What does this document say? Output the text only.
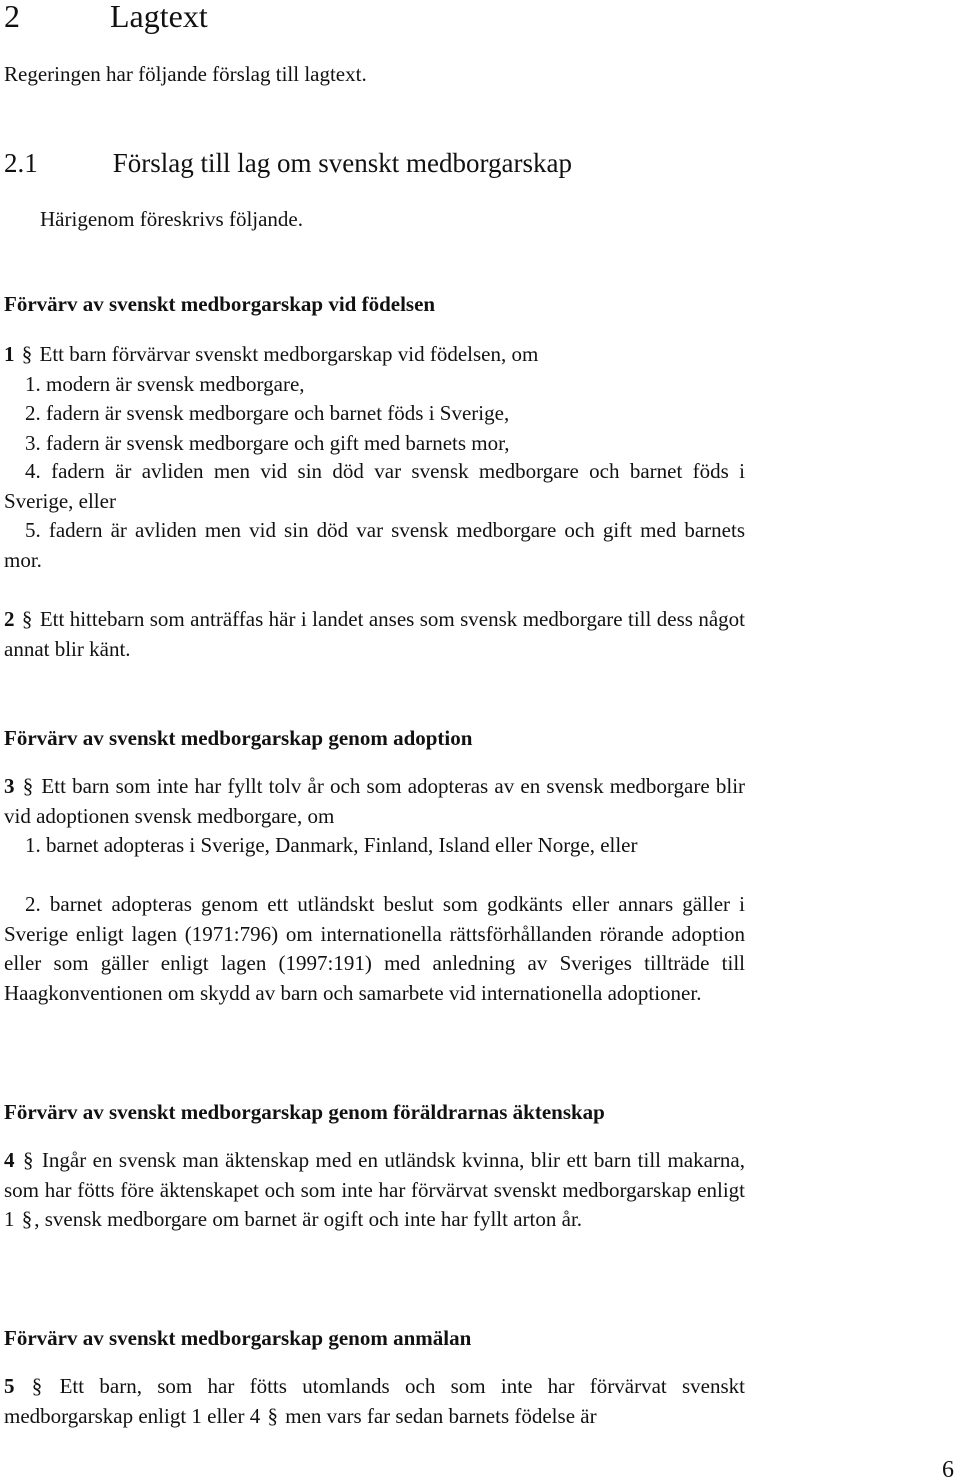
2	Lagtext
Regeringen har följande förslag till lagtext.
2.1	Förslag till lag om svenskt medborgarskap
Härigenom föreskrivs följande.
Förvärv av svenskt medborgarskap vid födelsen
1 § Ett barn förvärvar svenskt medborgarskap vid födelsen, om
1. modern är svensk medborgare,
2. fadern är svensk medborgare och barnet föds i Sverige,
3. fadern är svensk medborgare och gift med barnets mor,
4. fadern är avliden men vid sin död var svensk medborgare och barnet föds i Sverige, eller
5. fadern är avliden men vid sin död var svensk medborgare och gift med barnets mor.
2 § Ett hittebarn som anträffas här i landet anses som svensk medborgare till dess något annat blir känt.
Förvärv av svenskt medborgarskap genom adoption
3 § Ett barn som inte har fyllt tolv år och som adopteras av en svensk medborgare blir vid adoptionen svensk medborgare, om
1. barnet adopteras i Sverige, Danmark, Finland, Island eller Norge, eller
2. barnet adopteras genom ett utländskt beslut som godkänts eller annars gäller i Sverige enligt lagen (1971:796) om internationella rättsförhållanden rörande adoption eller som gäller enligt lagen (1997:191) med anledning av Sveriges tillträde till Haagkonventionen om skydd av barn och samarbete vid internationella adoptioner.
Förvärv av svenskt medborgarskap genom föräldrarnas äktenskap
4 § Ingår en svensk man äktenskap med en utländsk kvinna, blir ett barn till makarna, som har fötts före äktenskapet och som inte har förvärvat svenskt medborgarskap enligt 1 §, svensk medborgare om barnet är ogift och inte har fyllt arton år.
Förvärv av svenskt medborgarskap genom anmälan
5 § Ett barn, som har fötts utomlands och som inte har förvärvat svenskt medborgarskap enligt 1 eller 4 § men vars far sedan barnets födelse är
6
